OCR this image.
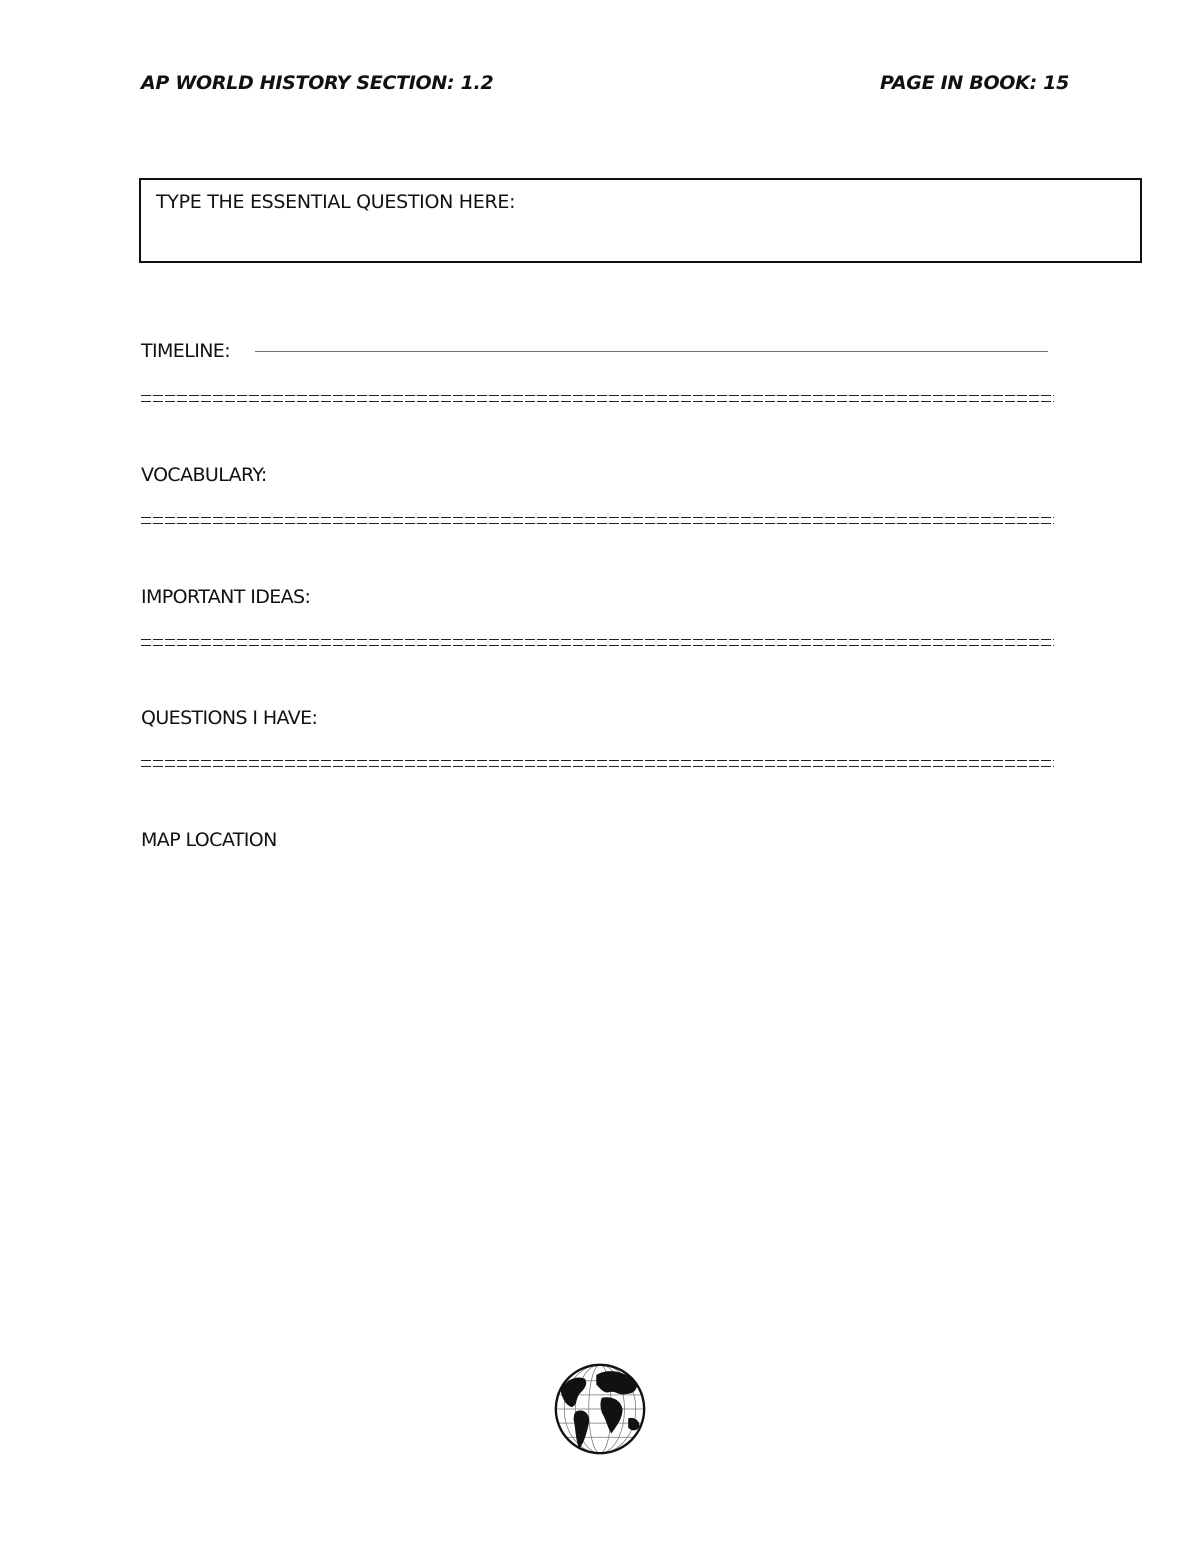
AP WORLD HISTORY SECTION: 1.2	PAGE IN BOOK: 15
TYPE THE ESSENTIAL QUESTION HERE:
TIMELINE:
VOCABULARY:
IMPORTANT IDEAS:
QUESTIONS I HAVE:
MAP LOCATION
